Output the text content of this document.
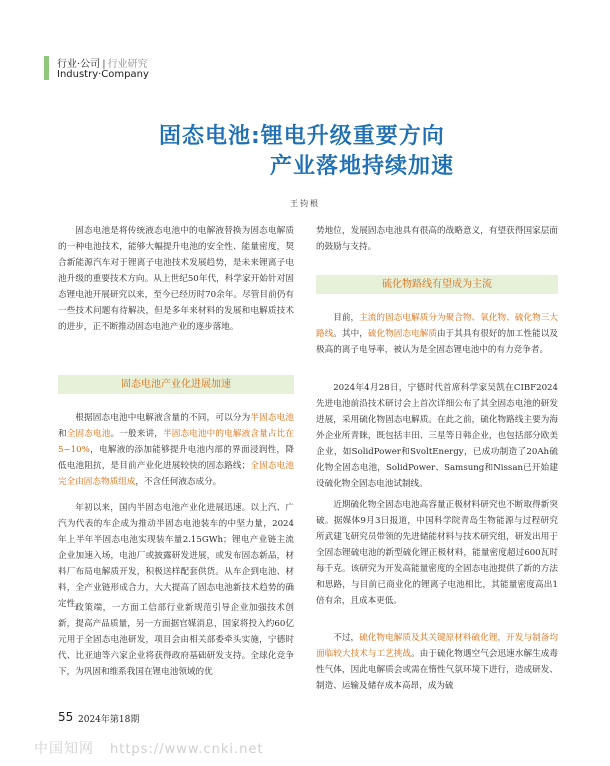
行业·公司 | 行业研究
Industry·Company
固态电池:锂电升级重要方向
产业落地持续加速
王钧根

固态电池是将传统液态电池中的电解液替换为固态电解质的一种电池技术，能够大幅提升电池的安全性、能量密度，契合新能源汽车对于锂离子电池技术发展趋势，是未来锂离子电池升级的重要技术方向。从上世纪50年代，科学家开始针对固态锂电池开展研究以来，至今已经历时70余年。尽管目前仍有一些技术问题有待解决，但是多年来材料的发展和电解质技术的进步，正不断推动固态电池产业的逐步落地。

固态电池产业化进展加速

根据固态电池中电解液含量的不同，可以分为半固态电池和全固态电池。一般来讲，半固态电池中的电解液含量占比在5~10%，电解液的添加能够提升电池内部的界面浸润性，降低电池阻抗，是目前产业化进展较快的固态路线；全固态电池完全由固态物质组成，不含任何液态成分。

年初以来，国内半固态电池产业化进展迅速。以上汽、广汽为代表的车企成为推动半固态电池装车的中坚力量，2024年上半年半固态电池实现装车量2.15GWh；锂电产业链主流企业加速入场，电池厂或披露研发进展，或发布固态新品，材料厂布局电解质开发，积极送样配套供货。从车企到电池、材料，全产业链形成合力，大大提高了固态电池新技术趋势的确定性。

政策端，一方面工信部行业新规范引导企业加强技术创新，提高产品质量，另一方面据官媒消息，国家将投入约60亿元用于全固态电池研发，项目会由相关部委牵头实施，宁德时代、比亚迪等六家企业将获得政府基础研发支持。全球化竞争下，为巩固和维系我国在锂电池领域的优

势地位，发展固态电池具有很高的战略意义，有望获得国家层面的鼓励与支持。

硫化物路线有望成为主流

目前，主流的固态电解质分为聚合物、氧化物、硫化物三大路线。其中，硫化物固态电解质由于其具有很好的加工性能以及极高的离子电导率，被认为是全固态锂电池中的有力竞争者。

2024年4月28日，宁德时代首席科学家吴凯在CIBF2024先进电池前沿技术研讨会上首次详细公布了其全固态电池的研发进展，采用硫化物固态电解质。在此之前，硫化物路线主要为海外企业所青睐，既包括丰田、三星等日韩企业，也包括部分欧美企业，如SolidPower和SvoltEnergy，已成功制造了20Ah硫化物全固态电池，SolidPower、Samsung和Nissan已开始建设硫化物全固态电池试制线。

近期硫化物全固态电池高容量正极材料研究也不断取得新突破。据媒体9月3日报道，中国科学院青岛生物能源与过程研究所武建飞研究员带领的先进储能材料与技术研究组，研发出用于全固态锂硫电池的新型硫化锂正极材料，能量密度超过600瓦时每千克。该研究为开发高能量密度的全固态电池提供了新的方法和思路，与目前已商业化的锂离子电池相比，其能量密度高出1倍有余，且成本更低。

不过，硫化物电解质及其关键原材料硫化锂，开发与制备均面临较大技术与工艺挑战。由于硫化物遇空气会迅速水解生成毒性气体，因此电解质会或需在惰性气氛环境下进行，造成研发、制造、运输及储存成本高昂，成为硫

55 2024年第18期
中国知网 https://www.cnki.net
